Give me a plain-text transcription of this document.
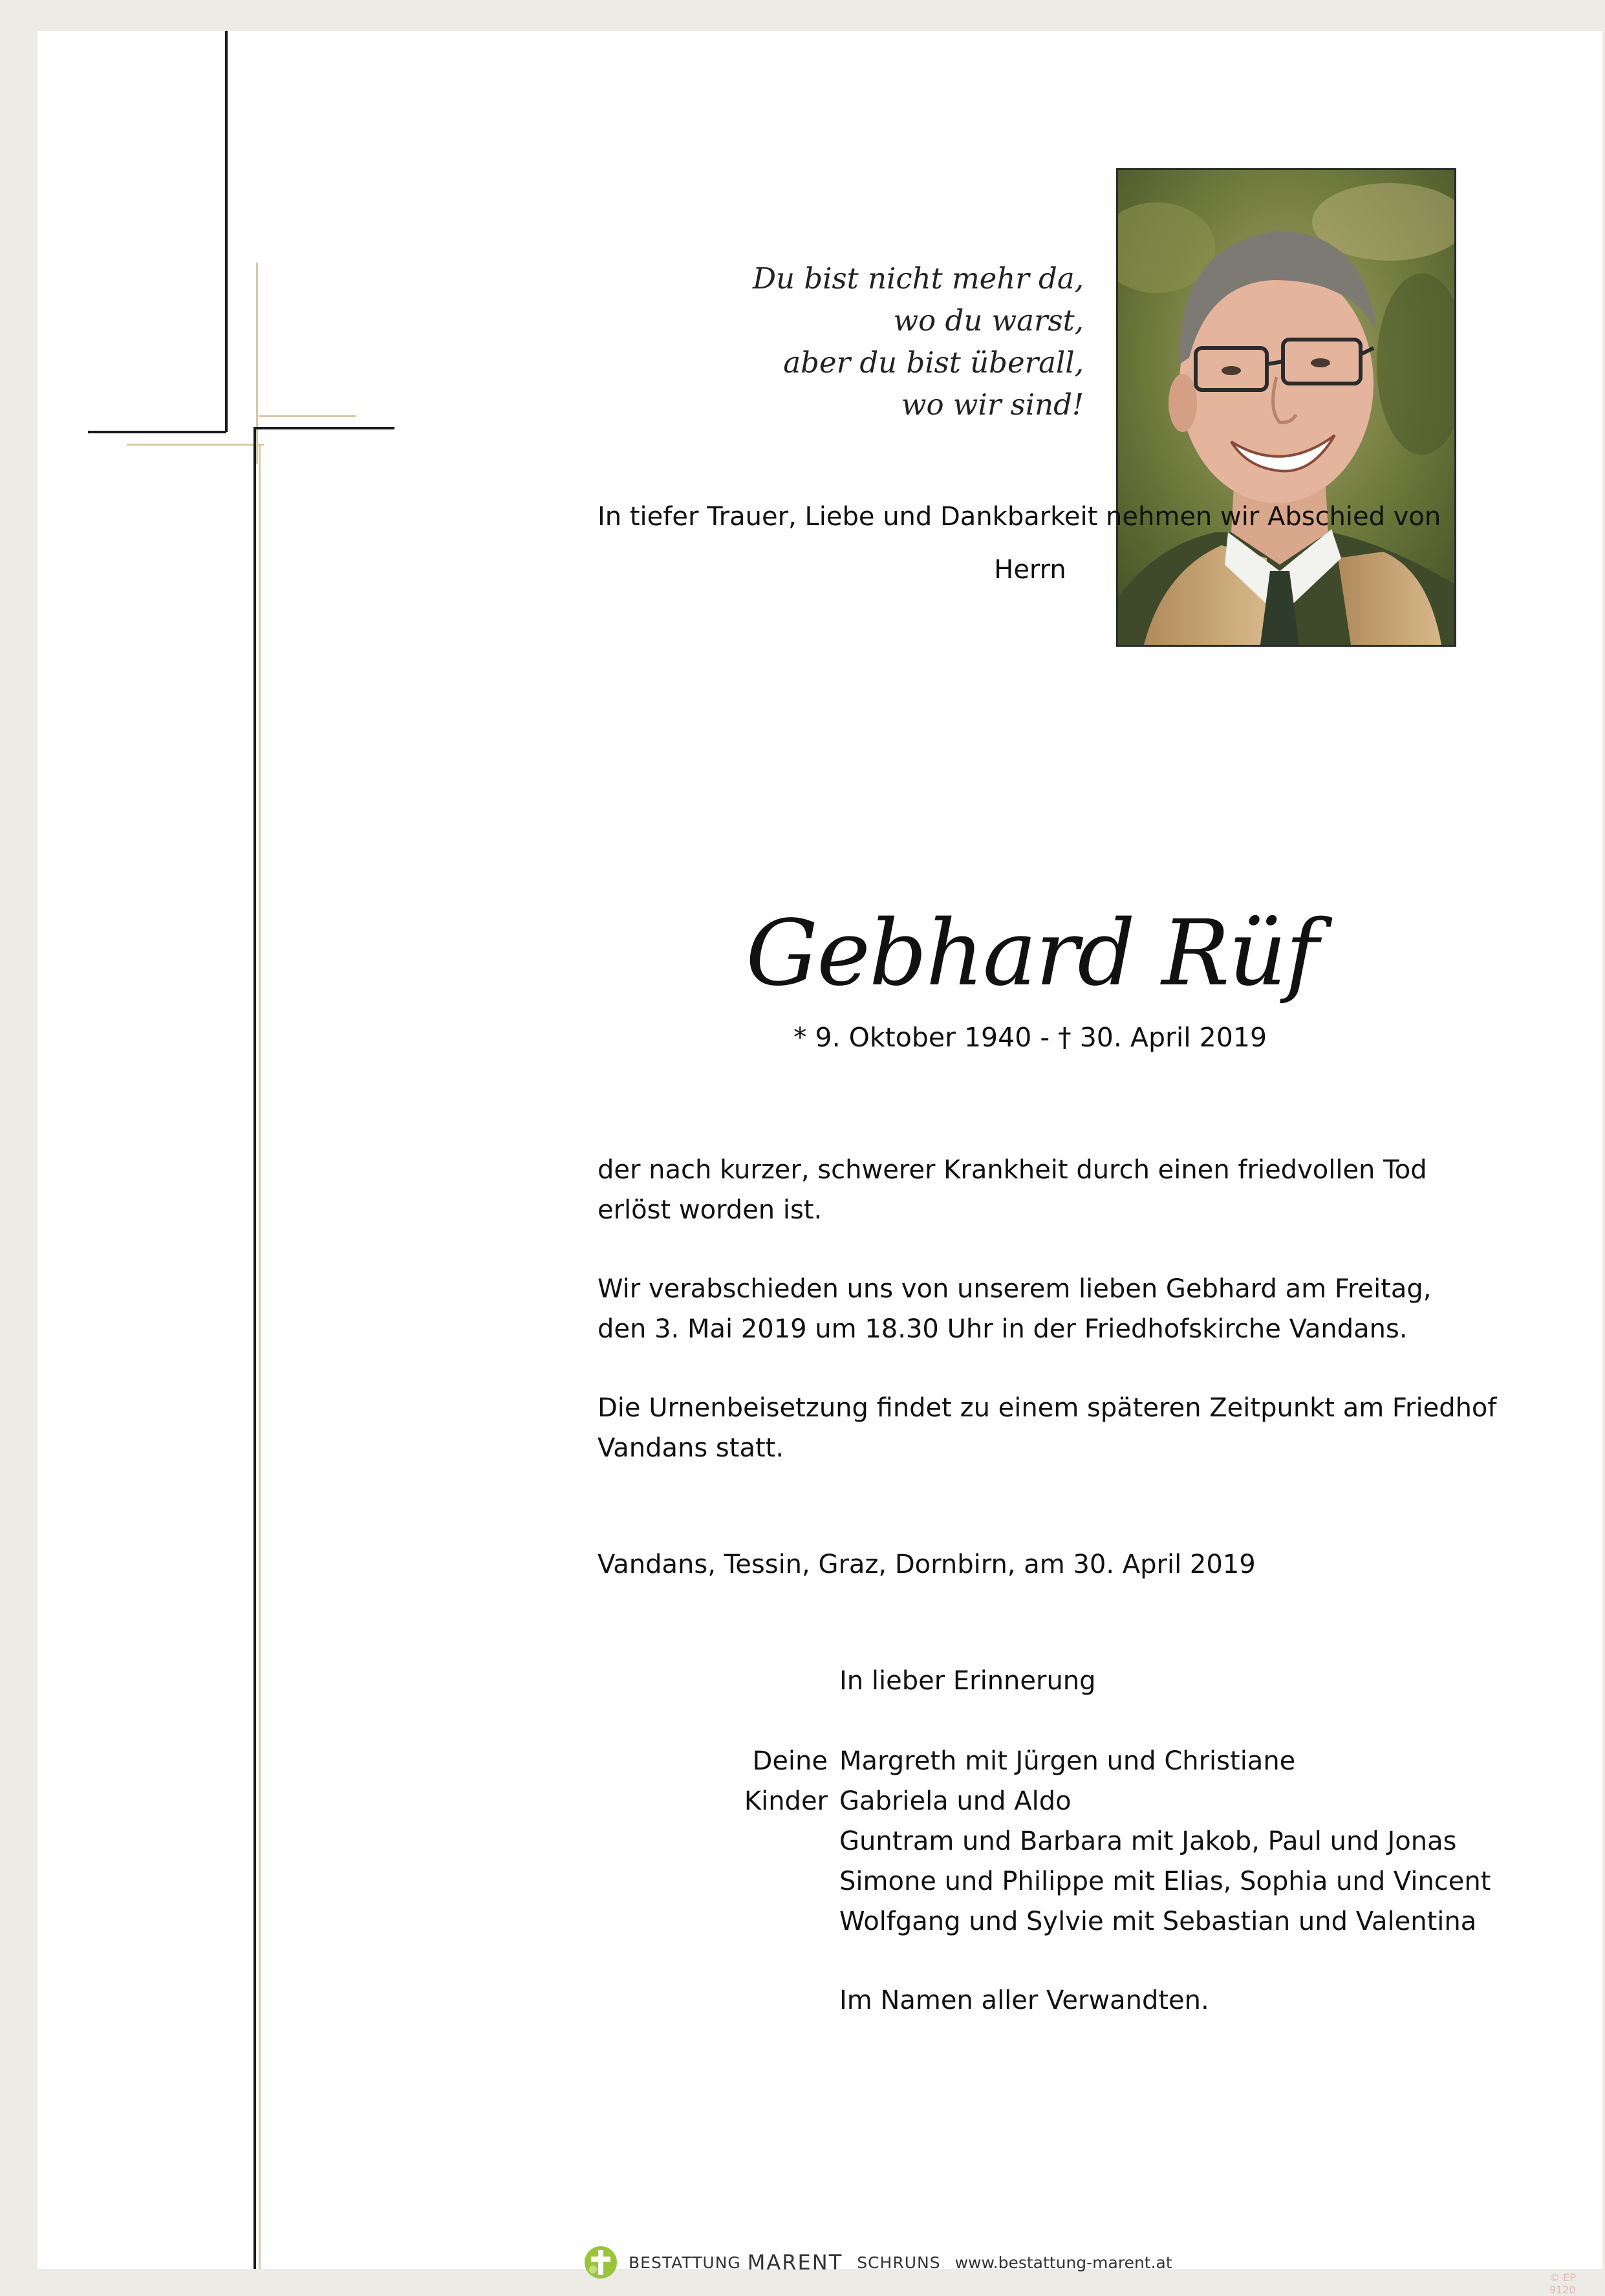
Du bist nicht mehr da,
wo du warst,
aber du bist überall,
wo wir sind!
In tiefer Trauer, Liebe und Dankbarkeit nehmen wir Abschied von
Herrn
Gebhard Rüf
* 9. Oktober 1940 - † 30. April 2019
der nach kurzer, schwerer Krankheit durch einen friedvollen Tod
erlöst worden ist.
Wir verabschieden uns von unserem lieben Gebhard am Freitag,
den 3. Mai 2019 um 18.30 Uhr in der Friedhofskirche Vandans.
Die Urnenbeisetzung findet zu einem späteren Zeitpunkt am Friedhof
Vandans statt.
Vandans, Tessin, Graz, Dornbirn, am 30. April 2019
In lieber Erinnerung
Deine
Kinder
Margreth mit Jürgen und Christiane
Gabriela und Aldo
Guntram und Barbara mit Jakob, Paul und Jonas
Simone und Philippe mit Elias, Sophia und Vincent
Wolfgang und Sylvie mit Sebastian und Valentina
Im Namen aller Verwandten.
BESTATTUNG MARENT SCHRUNS www.bestattung-marent.at
© EP 9120
